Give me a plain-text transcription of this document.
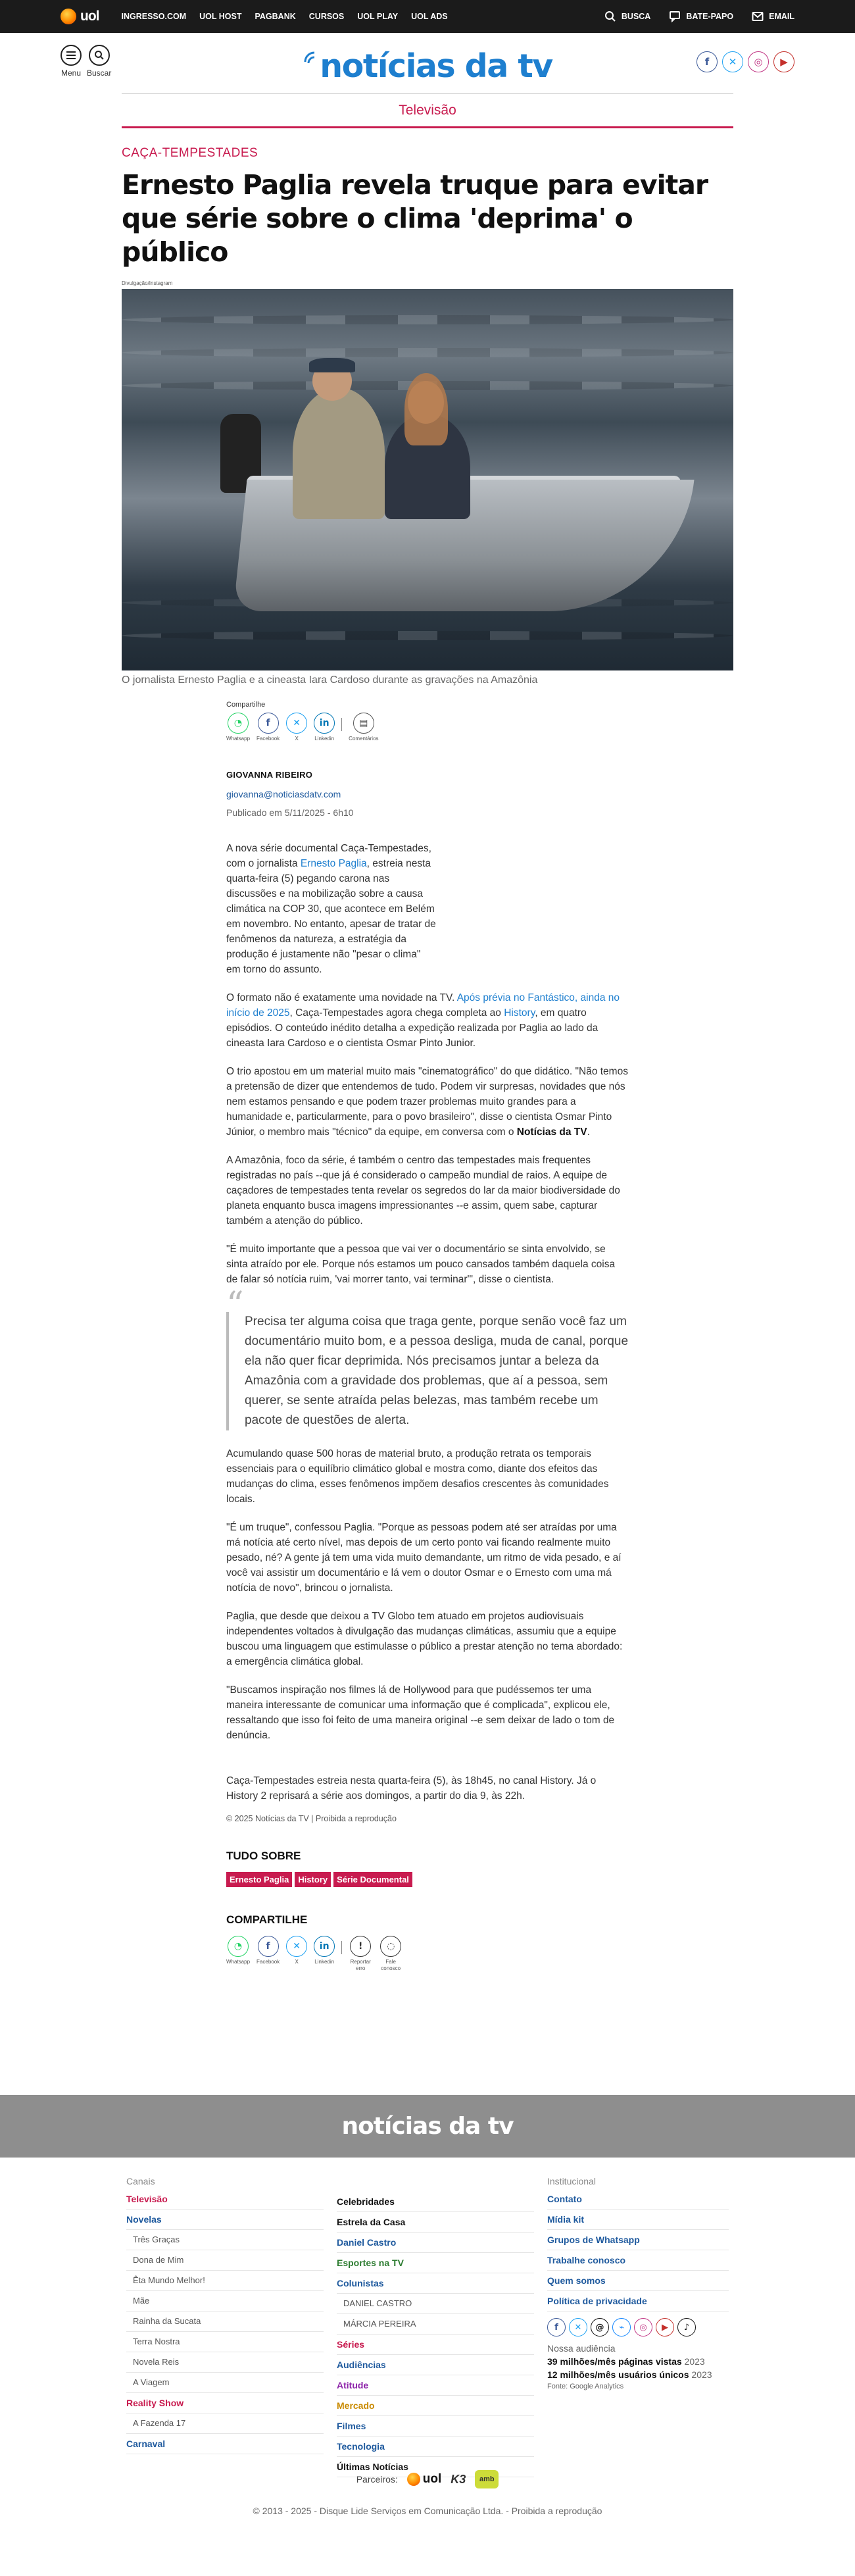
uol	INGRESSO.COM UOL HOST PAGBANK CURSOS UOL PLAY UOL ADS	BUSCA	BATE-PAPO	EMAIL
Menu Buscar	notícias da tv	f	✕	◎	▶
Televisão
CAÇA-TEMPESTADES
Ernesto Paglia revela truque para evitar que série sobre o clima 'deprima' o público
Divulgação/Instagram
O jornalista Ernesto Paglia e a cineasta Iara Cardoso durante as gravações na Amazônia
Compartilhe
◔
Whatsapp
f
Facebook
✕
X
in
Linkedin
▤
Comentários
GIOVANNA RIBEIRO
giovanna@noticiasdatv.com
Publicado em 5/11/2025 - 6h10

A nova série documental Caça-Tempestades, com o jornalista Ernesto Paglia, estreia nesta quarta-feira (5) pegando carona nas discussões e na mobilização sobre a causa climática na COP 30, que acontece em Belém em novembro. No entanto, apesar de tratar de fenômenos da natureza, a estratégia da produção é justamente não "pesar o clima" em torno do assunto.

O formato não é exatamente uma novidade na TV. Após prévia no Fantástico, ainda no início de 2025, Caça-Tempestades agora chega completa ao History, em quatro episódios. O conteúdo inédito detalha a expedição realizada por Paglia ao lado da cineasta Iara Cardoso e o cientista Osmar Pinto Junior.

O trio apostou em um material muito mais "cinematográfico" do que didático. "Não temos a pretensão de dizer que entendemos de tudo. Podem vir surpresas, novidades que nós nem estamos pensando e que podem trazer problemas muito grandes para a humanidade e, particularmente, para o povo brasileiro", disse o cientista Osmar Pinto Júnior, o membro mais "técnico" da equipe, em conversa com o Notícias da TV.

A Amazônia, foco da série, é também o centro das tempestades mais frequentes registradas no país --que já é considerado o campeão mundial de raios. A equipe de caçadores de tempestades tenta revelar os segredos do lar da maior biodiversidade do planeta enquanto busca imagens impressionantes --e assim, quem sabe, capturar também a atenção do público.

"É muito importante que a pessoa que vai ver o documentário se sinta envolvido, se sinta atraído por ele. Porque nós estamos um pouco cansados também daquela coisa de falar só notícia ruim, 'vai morrer tanto, vai terminar'", disse o cientista.

“ Precisa ter alguma coisa que traga gente, porque senão você faz um documentário muito bom, e a pessoa desliga, muda de canal, porque ela não quer ficar deprimida. Nós precisamos juntar a beleza da Amazônia com a gravidade dos problemas, que aí a pessoa, sem querer, se sente atraída pelas belezas, mas também recebe um pacote de questões de alerta.

Acumulando quase 500 horas de material bruto, a produção retrata os temporais essenciais para o equilíbrio climático global e mostra como, diante dos efeitos das mudanças do clima, esses fenômenos impõem desafios crescentes às comunidades locais.

"É um truque", confessou Paglia. "Porque as pessoas podem até ser atraídas por uma má notícia até certo nível, mas depois de um certo ponto vai ficando realmente muito pesado, né? A gente já tem uma vida muito demandante, um ritmo de vida pesado, e aí você vai assistir um documentário e lá vem o doutor Osmar e o Ernesto com uma má notícia de novo", brincou o jornalista.

Paglia, que desde que deixou a TV Globo tem atuado em projetos audiovisuais independentes voltados à divulgação das mudanças climáticas, assumiu que a equipe buscou uma linguagem que estimulasse o público a prestar atenção no tema abordado: a emergência climática global.

"Buscamos inspiração nos filmes lá de Hollywood para que pudéssemos ter uma maneira interessante de comunicar uma informação que é complicada", explicou ele, ressaltando que isso foi feito de uma maneira original --e sem deixar de lado o tom de denúncia.

Caça-Tempestades estreia nesta quarta-feira (5), às 18h45, no canal History. Já o History 2 reprisará a série aos domingos, a partir do dia 9, às 22h.

© 2025 Notícias da TV | Proibida a reprodução
TUDO SOBRE
Ernesto Paglia	History	Série Documental
COMPARTILHE
◔
Whatsapp
f
Facebook
✕
X
in
Linkedin
!
Reportar erro
◌
Fale conosco
notícias da tv
Canais
Televisão
Novelas
Três Graças
Dona de Mim
Êta Mundo Melhor!
Mãe
Rainha da Sucata
Terra Nostra
Novela Reis
A Viagem
Reality Show
A Fazenda 17
Carnaval
Celebridades
Estrela da Casa
Daniel Castro
Esportes na TV
Colunistas
DANIEL CASTRO
MÁRCIA PEREIRA
Séries
Audiências
Atitude
Mercado
Filmes
Tecnologia
Últimas Notícias
Institucional
Contato
Mídia kit
Grupos de Whatsapp
Trabalhe conosco
Quem somos
Política de privacidade
f	✕	@	⌁	◎	▶	♪
Nossa audiência
39 milhões/mês páginas vistas 2023
12 milhões/mês usuários únicos 2023
Fonte: Google Analytics
Parceiros: uol K3	amb
© 2013 - 2025 - Disque Lide Serviços em Comunicação Ltda. - Proibida a reprodução
